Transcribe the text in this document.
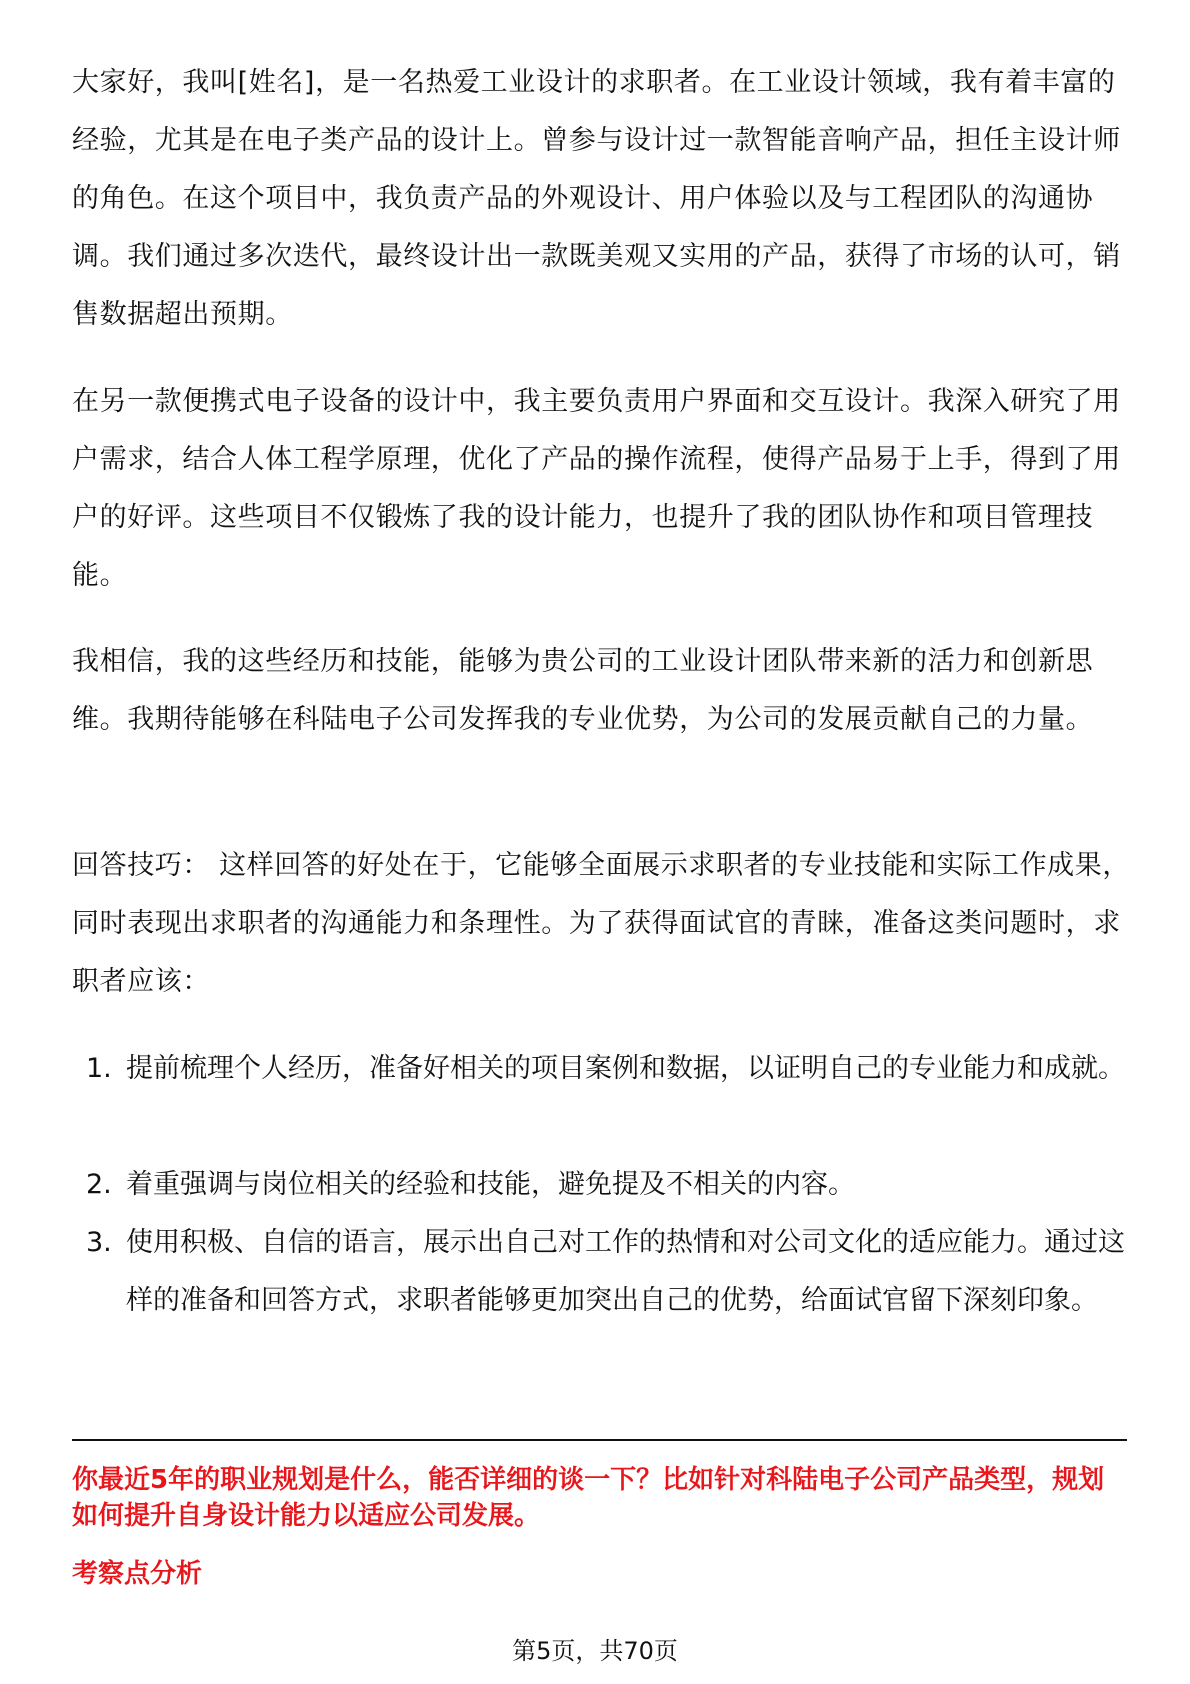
大家好，我叫[姓名]，是一名热爱工业设计的求职者。在工业设计领域，我有着丰富的经验，尤其是在电子类产品的设计上。曾参与设计过一款智能音响产品，担任主设计师的角色。在这个项目中，我负责产品的外观设计、用户体验以及与工程团队的沟通协调。我们通过多次迭代，最终设计出一款既美观又实用的产品，获得了市场的认可，销售数据超出预期。

在另一款便携式电子设备的设计中，我主要负责用户界面和交互设计。我深入研究了用户需求，结合人体工程学原理，优化了产品的操作流程，使得产品易于上手，得到了用户的好评。这些项目不仅锻炼了我的设计能力，也提升了我的团队协作和项目管理技能。

我相信，我的这些经历和技能，能够为贵公司的工业设计团队带来新的活力和创新思维。我期待能够在科陆电子公司发挥我的专业优势，为公司的发展贡献自己的力量。

回答技巧： 这样回答的好处在于，它能够全面展示求职者的专业技能和实际工作成果，同时表现出求职者的沟通能力和条理性。为了获得面试官的青睐，准备这类问题时，求职者应该：

1. 提前梳理个人经历，准备好相关的项目案例和数据，以证明自己的专业能力和成就。
2. 着重强调与岗位相关的经验和技能，避免提及不相关的内容。
3. 使用积极、自信的语言，展示出自己对工作的热情和对公司文化的适应能力。通过这样的准备和回答方式，求职者能够更加突出自己的优势，给面试官留下深刻印象。
你最近5年的职业规划是什么，能否详细的谈一下？比如针对科陆电子公司产品类型，规划如何提升自身设计能力以适应公司发展。
考察点分析
第5页，共70页
